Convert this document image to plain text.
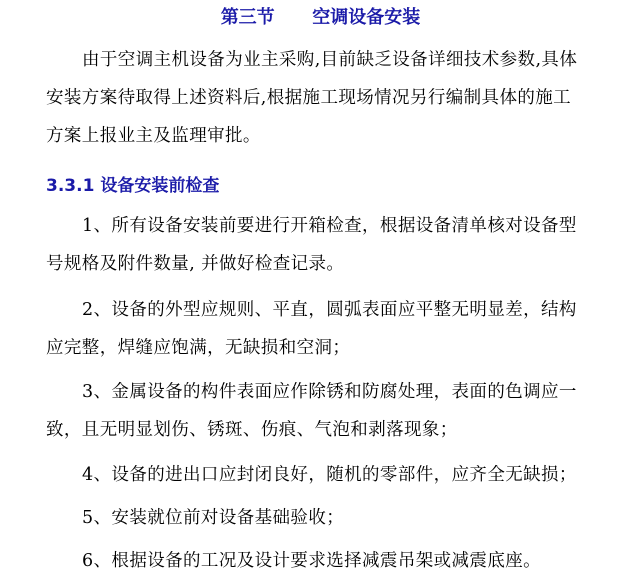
第三节      空调设备安装
由于空调主机设备为业主采购,目前缺乏设备详细技术参数,具体
安装方案待取得上述资料后,根据施工现场情况另行编制具体的施工
方案上报业主及监理审批。
3.3.1 设备安装前检查
1、所有设备安装前要进行开箱检查，根据设备清单核对设备型
号规格及附件数量, 并做好检查记录。
2、设备的外型应规则、平直，圆弧表面应平整无明显差，结构
应完整，焊缝应饱满，无缺损和空洞；
3、金属设备的构件表面应作除锈和防腐处理，表面的色调应一
致，且无明显划伤、锈斑、伤痕、气泡和剥落现象；
4、设备的进出口应封闭良好，随机的零部件，应齐全无缺损；
5、安装就位前对设备基础验收；
6、根据设备的工况及设计要求选择减震吊架或减震底座。
